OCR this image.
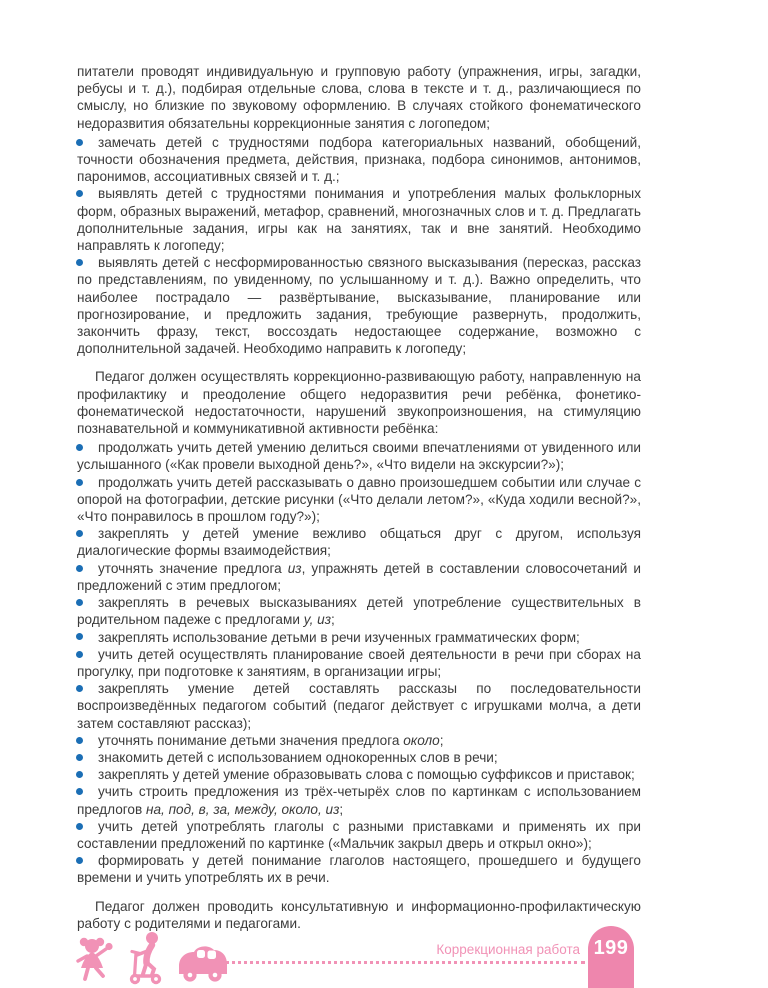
питатели проводят индивидуальную и групповую работу (упражнения, игры, загадки, ребусы и т. д.), подбирая отдельные слова, слова в тексте и т. д., различающиеся по смыслу, но близкие по звуковому оформлению. В случаях стойкого фонематического недоразвития обязательны коррекционные занятия с логопедом;

замечать детей с трудностями подбора категориальных названий, обобщений, точности обозначения предмета, действия, признака, подбора синонимов, антонимов, паронимов, ассоциативных связей и т. д.;

выявлять детей с трудностями понимания и употребления малых фольклорных форм, образных выражений, метафор, сравнений, многозначных слов и т. д. Предлагать дополнительные задания, игры как на занятиях, так и вне занятий. Необходимо направлять к логопеду;

выявлять детей с несформированностью связного высказывания (пересказ, рассказ по представлениям, по увиденному, по услышанному и т. д.). Важно определить, что наиболее пострадало — развёртывание, высказывание, планирование или прогнозирование, и предложить задания, требующие развернуть, продолжить, закончить фразу, текст, воссоздать недостающее содержание, возможно с дополнительной задачей. Необходимо направить к логопеду;

Педагог должен осуществлять коррекционно-развивающую работу, направленную на профилактику и преодоление общего недоразвития речи ребёнка, фонетико-фонематической недостаточности, нарушений звукопроизношения, на стимуляцию познавательной и коммуникативной активности ребёнка:

продолжать учить детей умению делиться своими впечатлениями от увиденного или услышанного («Как провели выходной день?», «Что видели на экскурсии?»);

продолжать учить детей рассказывать о давно произошедшем событии или случае с опорой на фотографии, детские рисунки («Что делали летом?», «Куда ходили весной?», «Что понравилось в прошлом году?»);

закреплять у детей умение вежливо общаться друг с другом, используя диалогические формы взаимодействия;

уточнять значение предлога из, упражнять детей в составлении словосочетаний и предложений с этим предлогом;

закреплять в речевых высказываниях детей употребление существительных в родительном падеже с предлогами у, из;

закреплять использование детьми в речи изученных грамматических форм;

учить детей осуществлять планирование своей деятельности в речи при сборах на прогулку, при подготовке к занятиям, в организации игры;

закреплять умение детей составлять рассказы по последовательности воспроизведённых педагогом событий (педагог действует с игрушками молча, а дети затем составляют рассказ);

уточнять понимание детьми значения предлога около;

знакомить детей с использованием однокоренных слов в речи;

закреплять у детей умение образовывать слова с помощью суффиксов и приставок;

учить строить предложения из трёх-четырёх слов по картинкам с использованием предлогов на, под, в, за, между, около, из;

учить детей употреблять глаголы с разными приставками и применять их при составлении предложений по картинке («Мальчик закрыл дверь и открыл окно»);

формировать у детей понимание глаголов настоящего, прошедшего и будущего времени и учить употреблять их в речи.

Педагог должен проводить консультативную и информационно-профилактическую работу с родителями и педагогами.

Коррекционная работа 199
